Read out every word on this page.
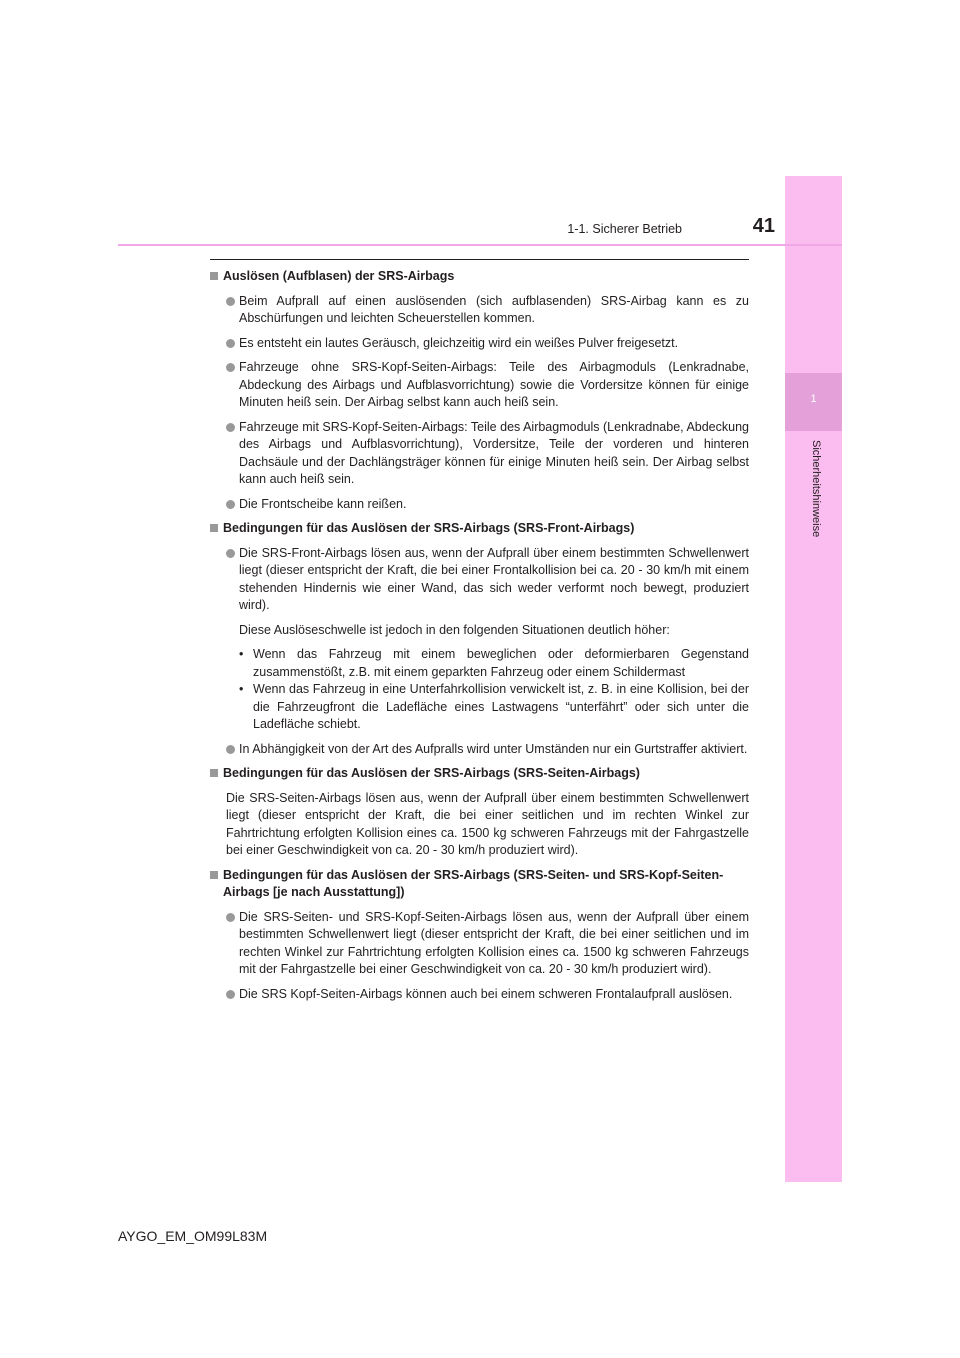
1
Sicherheitshinweise
1-1. Sicherer Betrieb	41
Auslösen (Aufblasen) der SRS-Airbags
Beim Aufprall auf einen auslösenden (sich aufblasenden) SRS-Airbag kann es zu Abschürfungen und leichten Scheuerstellen kommen.
Es entsteht ein lautes Geräusch, gleichzeitig wird ein weißes Pulver freigesetzt.
Fahrzeuge ohne SRS-Kopf-Seiten-Airbags: Teile des Airbagmoduls (Lenkradnabe, Abdeckung des Airbags und Aufblasvorrichtung) sowie die Vordersitze können für einige Minuten heiß sein. Der Airbag selbst kann auch heiß sein.
Fahrzeuge mit SRS-Kopf-Seiten-Airbags: Teile des Airbagmoduls (Lenkradnabe, Abdeckung des Airbags und Aufblasvorrichtung), Vordersitze, Teile der vorderen und hinteren Dachsäule und der Dachlängsträger können für einige Minuten heiß sein. Der Airbag selbst kann auch heiß sein.
Die Frontscheibe kann reißen.
Bedingungen für das Auslösen der SRS-Airbags (SRS-Front-Airbags)
Die SRS-Front-Airbags lösen aus, wenn der Aufprall über einem bestimmten Schwellenwert liegt (dieser entspricht der Kraft, die bei einer Frontalkollision bei ca. 20 - 30 km/h mit einem stehenden Hindernis wie einer Wand, das sich weder verformt noch bewegt, produziert wird).
Diese Auslöseschwelle ist jedoch in den folgenden Situationen deutlich höher:
• Wenn das Fahrzeug mit einem beweglichen oder deformierbaren Gegenstand zusammenstößt, z.B. mit einem geparkten Fahrzeug oder einem Schildermast
• Wenn das Fahrzeug in eine Unterfahrkollision verwickelt ist, z. B. in eine Kollision, bei der die Fahrzeugfront die Ladefläche eines Lastwagens “unterfährt” oder sich unter die Ladefläche schiebt.
In Abhängigkeit von der Art des Aufpralls wird unter Umständen nur ein Gurtstraffer aktiviert.
Bedingungen für das Auslösen der SRS-Airbags (SRS-Seiten-Airbags)
Die SRS-Seiten-Airbags lösen aus, wenn der Aufprall über einem bestimmten Schwellenwert liegt (dieser entspricht der Kraft, die bei einer seitlichen und im rechten Winkel zur Fahrtrichtung erfolgten Kollision eines ca. 1500 kg schweren Fahrzeugs mit der Fahrgastzelle bei einer Geschwindigkeit von ca. 20 - 30 km/h produziert wird).
Bedingungen für das Auslösen der SRS-Airbags (SRS-Seiten- und SRS-Kopf-Seiten-Airbags [je nach Ausstattung])
Die SRS-Seiten- und SRS-Kopf-Seiten-Airbags lösen aus, wenn der Aufprall über einem bestimmten Schwellenwert liegt (dieser entspricht der Kraft, die bei einer seitlichen und im rechten Winkel zur Fahrtrichtung erfolgten Kollision eines ca. 1500 kg schweren Fahrzeugs mit der Fahrgastzelle bei einer Geschwindigkeit von ca. 20 - 30 km/h produziert wird).
Die SRS Kopf-Seiten-Airbags können auch bei einem schweren Frontalaufprall auslösen.
AYGO_EM_OM99L83M
